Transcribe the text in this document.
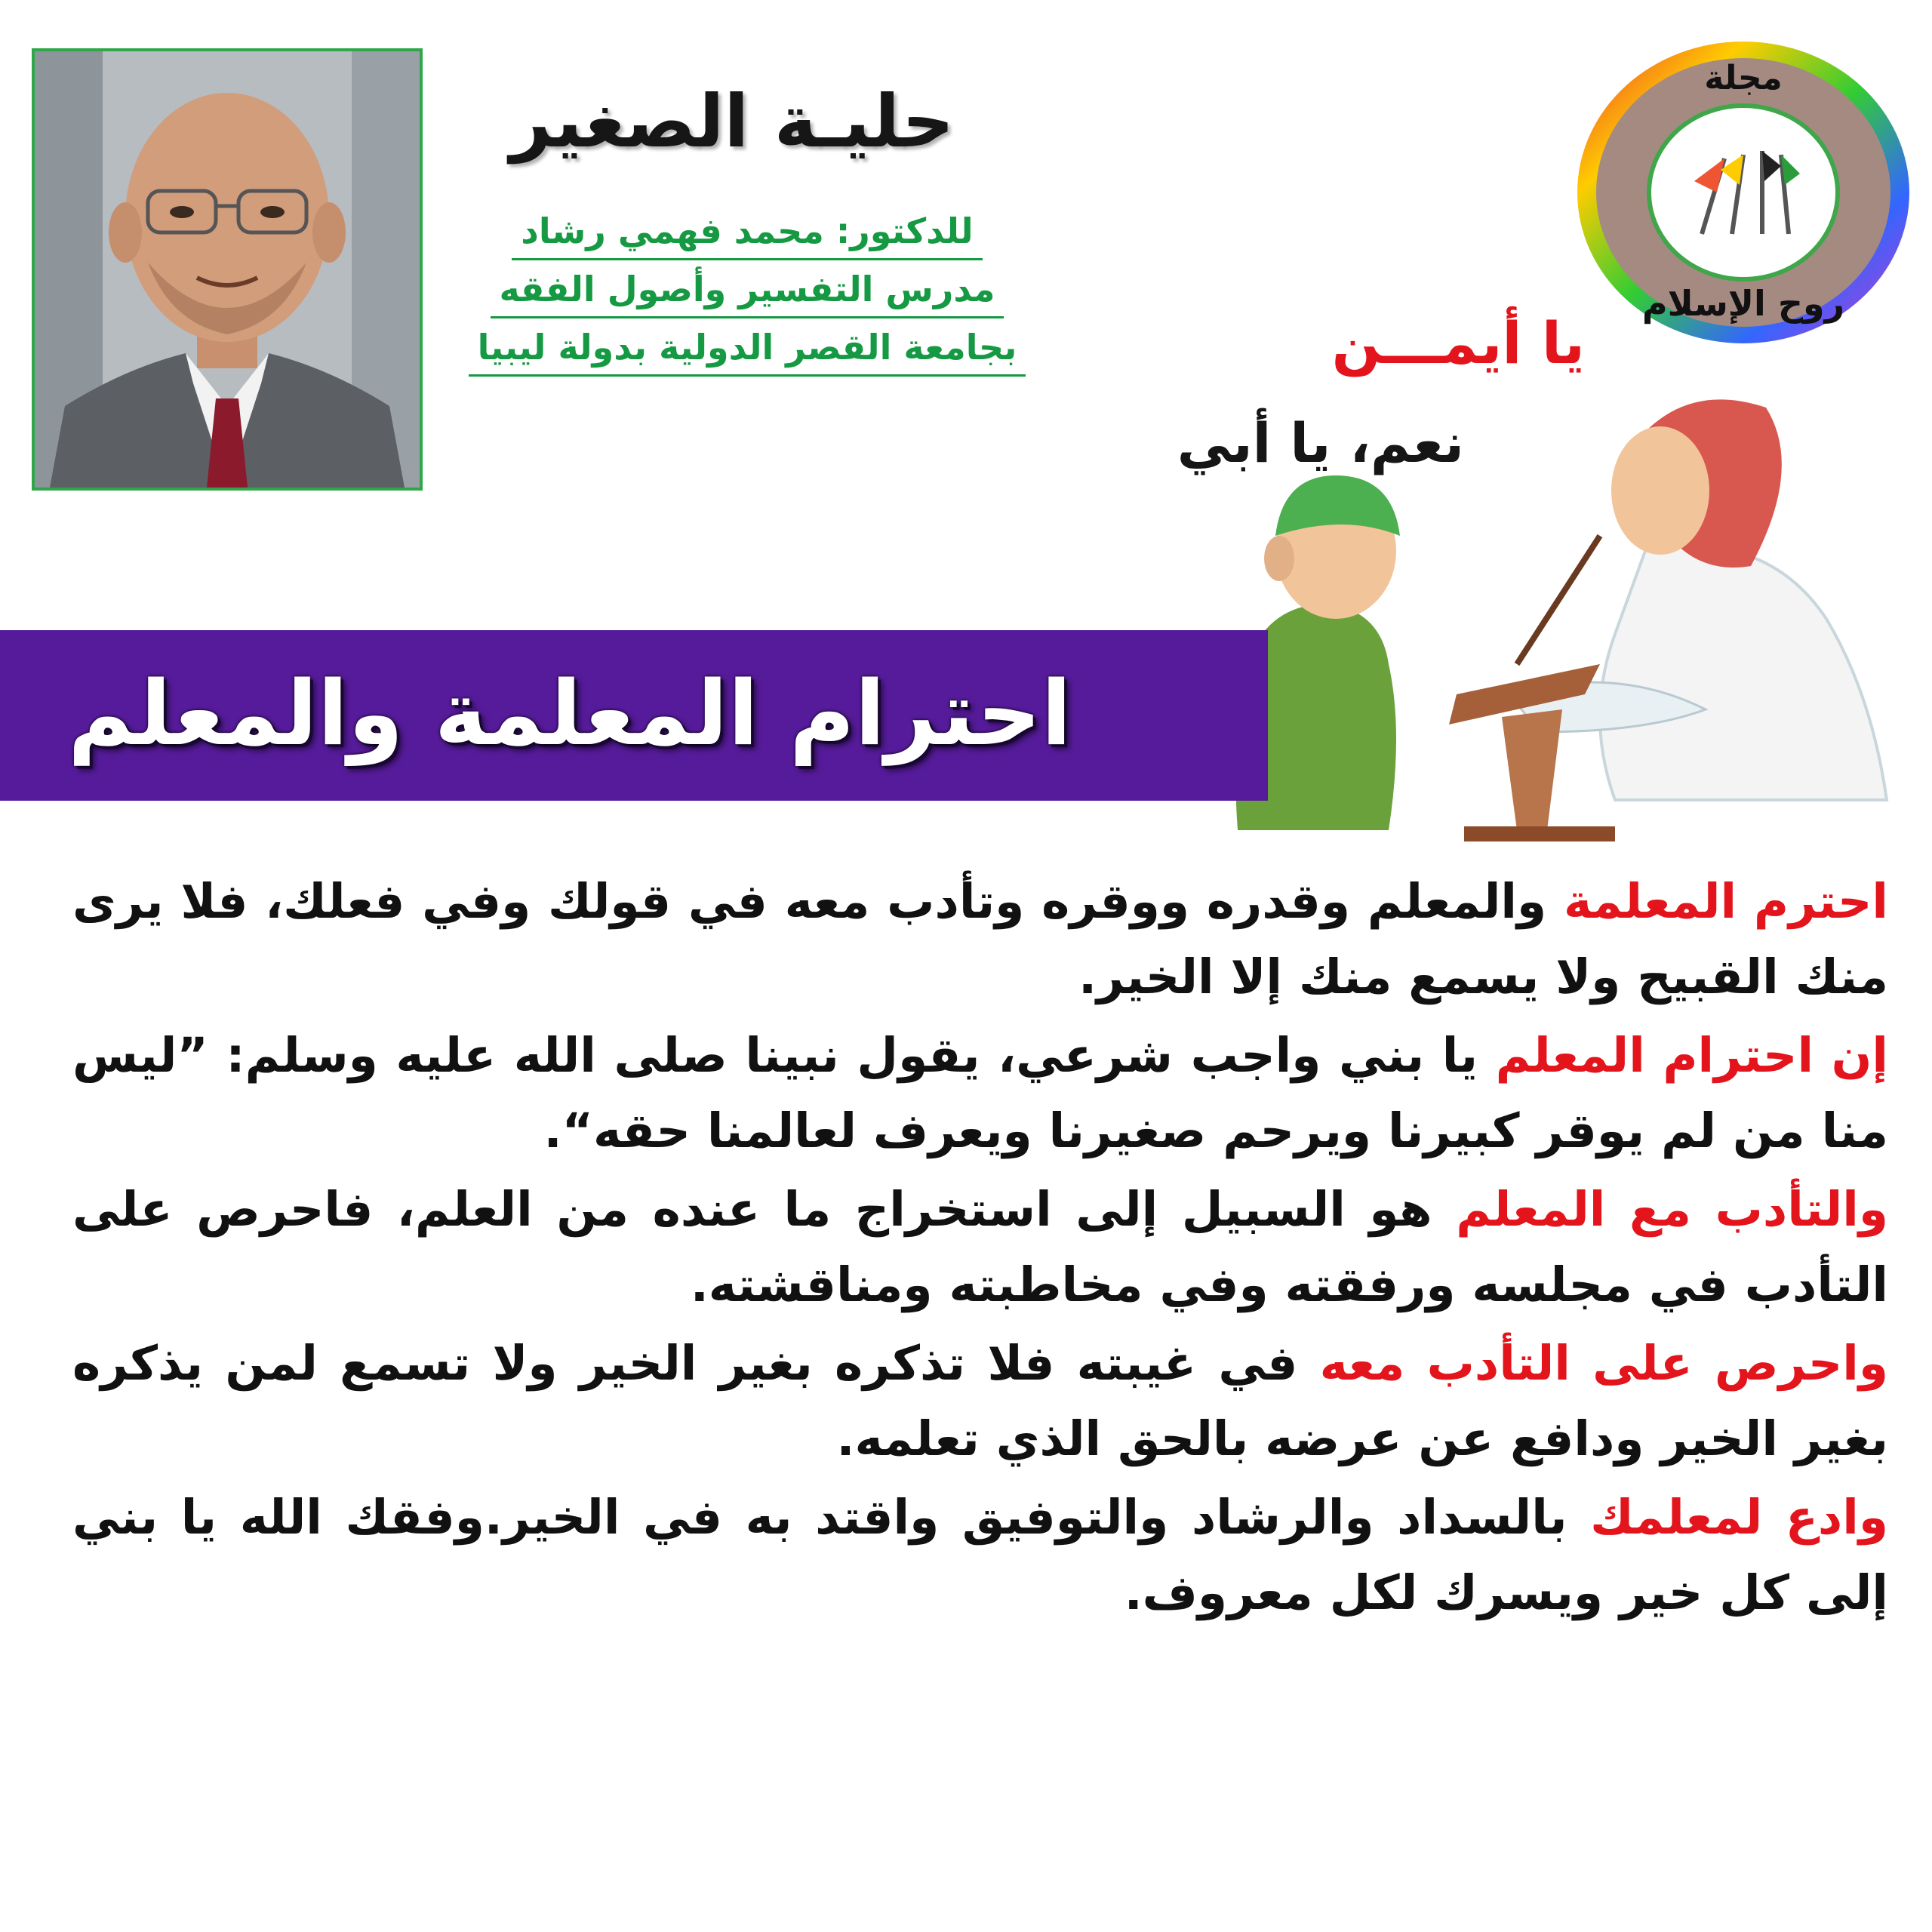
مجلة
روح الإسلام
حليـة الصغير
للدكتور: محمد فهمي رشاد
مدرس التفسير وأصول الفقه
بجامعة القصر الدولية بدولة ليبيا	يا أيمـــن
نعم، يا أبي
احترام المعلمة والمعلم

احترم المعلمة والمعلم وقدره ووقره وتأدب معه في قولك وفي فعلك، فلا يرى منك القبيح ولا يسمع منك إلا الخير.

إن احترام المعلم يا بني واجب شرعي، يقول نبينا صلى الله عليه وسلم: ”ليس منا من لم يوقر كبيرنا ويرحم صغيرنا ويعرف لعالمنا حقه“.

والتأدب مع المعلم هو السبيل إلى استخراج ما عنده من العلم، فاحرص على التأدب في مجلسه ورفقته وفي مخاطبته ومناقشته.

واحرص على التأدب معه في غيبته فلا تذكره بغير الخير ولا تسمع لمن يذكره بغير الخير ودافع عن عرضه بالحق الذي تعلمه.

وادع لمعلمك بالسداد والرشاد والتوفيق واقتد به في الخير.وفقك الله يا بني إلى كل خير ويسرك لكل معروف.
